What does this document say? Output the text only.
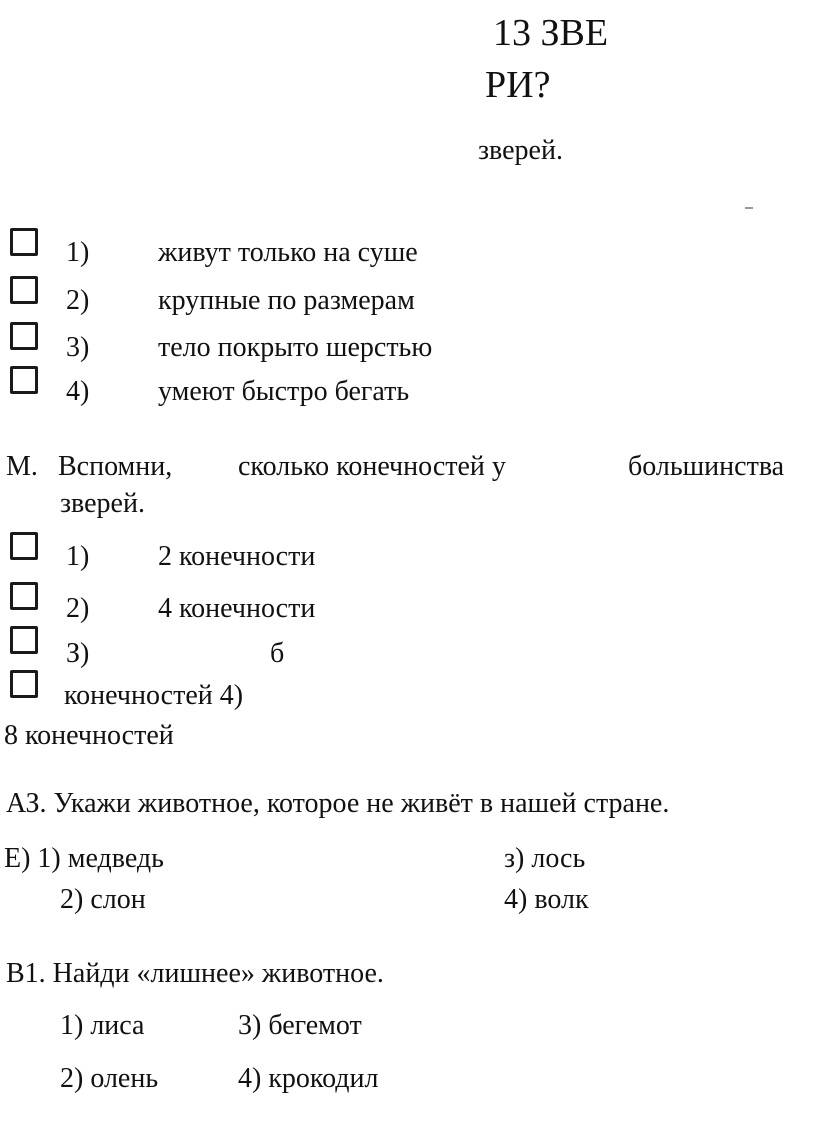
13 ЗВЕ
РИ?
зверей.
1) живут только на суше
2) крупные по размерам
3) тело покрыто шерстью
4) умеют быстро бегать
М. Вспомни, сколько конечностей у	большинства
зверей.
1) 2 конечности
2) 4 конечности
З)	б
конечностей 4)
8 конечностей
АЗ. Укажи животное, которое не живёт в нашей стране.
Е) 1) медведь	з) лось
2) слон	4) волк
В1. Найди «лишнее» животное.
1) лиса	3) бегемот
2) олень	4) крокодил
